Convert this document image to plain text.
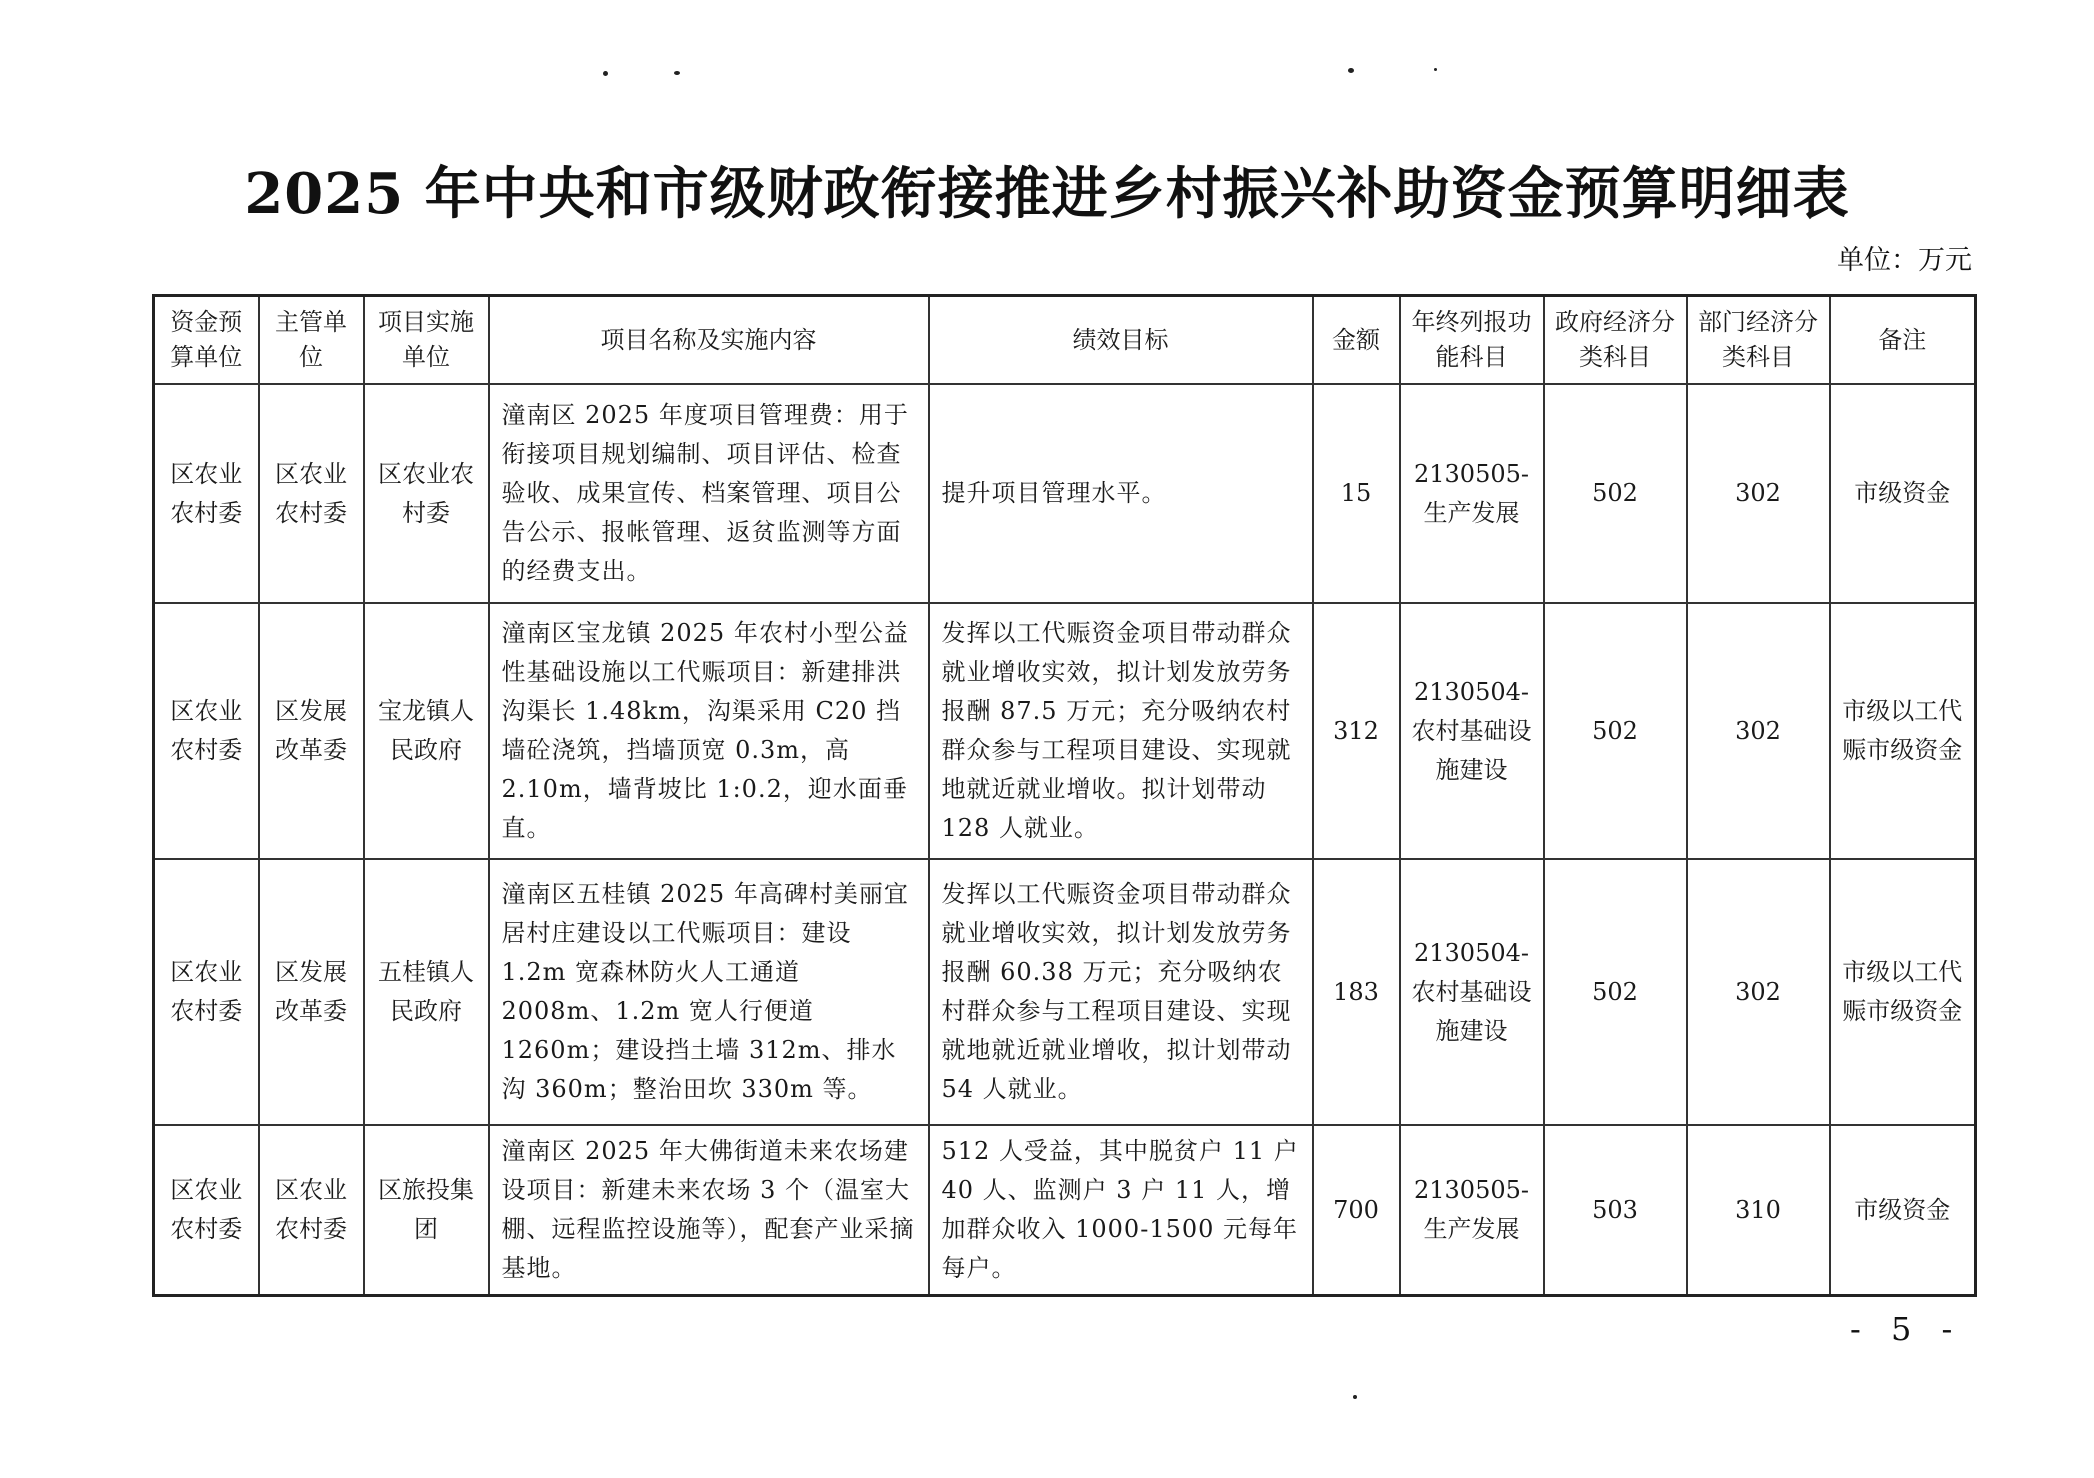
2025 年中央和市级财政衔接推进乡村振兴补助资金预算明细表
单位：万元
资金预算单位	主管单位	项目实施单位	项目名称及实施内容	绩效目标	金额	年终列报功能科目	政府经济分类科目	部门经济分类科目	备注
区农业农村委	区农业农村委	区农业农村委	潼南区 2025 年度项目管理费：用于衔接项目规划编制、项目评估、检查验收、成果宣传、档案管理、项目公告公示、报帐管理、返贫监测等方面的经费支出。	提升项目管理水平。	15	2130505-生产发展	502	302	市级资金
区农业农村委	区发展改革委	宝龙镇人民政府	潼南区宝龙镇 2025 年农村小型公益性基础设施以工代赈项目：新建排洪沟渠长 1.48km，沟渠采用 C20 挡墙砼浇筑，挡墙顶宽 0.3m，高 2.10m，墙背坡比 1:0.2，迎水面垂直。	发挥以工代赈资金项目带动群众就业增收实效，拟计划发放劳务报酬 87.5 万元；充分吸纳农村群众参与工程项目建设、实现就地就近就业增收。拟计划带动 128 人就业。	312	2130504-农村基础设施建设	502	302	市级以工代赈市级资金
区农业农村委	区发展改革委	五桂镇人民政府	潼南区五桂镇 2025 年高碑村美丽宜居村庄建设以工代赈项目：建设 1.2m 宽森林防火人工通道 2008m、1.2m 宽人行便道 1260m；建设挡土墙 312m、排水沟 360m；整治田坎 330m 等。	发挥以工代赈资金项目带动群众就业增收实效，拟计划发放劳务报酬 60.38 万元；充分吸纳农村群众参与工程项目建设、实现就地就近就业增收，拟计划带动 54 人就业。	183	2130504-农村基础设施建设	502	302	市级以工代赈市级资金
区农业农村委	区农业农村委	区旅投集团	潼南区 2025 年大佛街道未来农场建设项目：新建未来农场 3 个（温室大棚、远程监控设施等），配套产业采摘基地。	512 人受益，其中脱贫户 11 户 40 人、监测户 3 户 11 人，增加群众收入 1000-1500 元每年每户。	700	2130505-生产发展	503	310	市级资金
- 5 -
